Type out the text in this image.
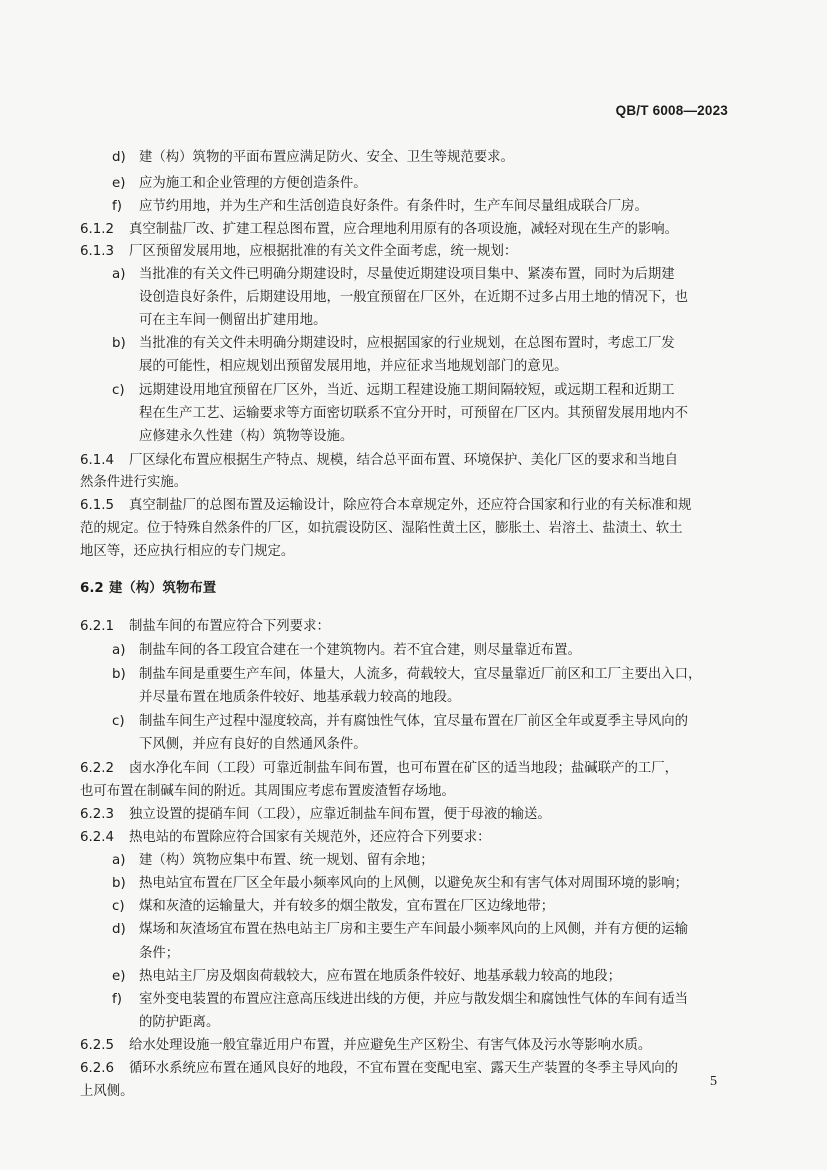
QB/T 6008—2023
d) 建（构）筑物的平面布置应满足防火、安全、卫生等规范要求。
e) 应为施工和企业管理的方便创造条件。
f) 应节约用地，并为生产和生活创造良好条件。有条件时，生产车间尽量组成联合厂房。
6.1.2 真空制盐厂改、扩建工程总图布置，应合理地利用原有的各项设施，减轻对现在生产的影响。
6.1.3 厂区预留发展用地，应根据批准的有关文件全面考虑，统一规划：
a) 当批准的有关文件已明确分期建设时，尽量使近期建设项目集中、紧凑布置，同时为后期建
设创造良好条件，后期建设用地，一般宜预留在厂区外，在近期不过多占用土地的情况下，也
可在主车间一侧留出扩建用地。
b) 当批准的有关文件未明确分期建设时，应根据国家的行业规划，在总图布置时，考虑工厂发
展的可能性，相应规划出预留发展用地，并应征求当地规划部门的意见。
c) 远期建设用地宜预留在厂区外，当近、远期工程建设施工期间隔较短，或远期工程和近期工
程在生产工艺、运输要求等方面密切联系不宜分开时，可预留在厂区内。其预留发展用地内不
应修建永久性建（构）筑物等设施。
6.1.4 厂区绿化布置应根据生产特点、规模，结合总平面布置、环境保护、美化厂区的要求和当地自
然条件进行实施。
6.1.5 真空制盐厂的总图布置及运输设计，除应符合本章规定外，还应符合国家和行业的有关标准和规
范的规定。位于特殊自然条件的厂区，如抗震设防区、湿陷性黄土区，膨胀土、岩溶土、盐渍土、软土
地区等，还应执行相应的专门规定。
6.2 建（构）筑物布置
6.2.1 制盐车间的布置应符合下列要求：
a) 制盐车间的各工段宜合建在一个建筑物内。若不宜合建，则尽量靠近布置。
b) 制盐车间是重要生产车间，体量大，人流多，荷载较大，宜尽量靠近厂前区和工厂主要出入口，
并尽量布置在地质条件较好、地基承载力较高的地段。
c) 制盐车间生产过程中湿度较高，并有腐蚀性气体，宜尽量布置在厂前区全年或夏季主导风向的
下风侧，并应有良好的自然通风条件。
6.2.2 卤水净化车间（工段）可靠近制盐车间布置，也可布置在矿区的适当地段；盐碱联产的工厂，
也可布置在制碱车间的附近。其周围应考虑布置废渣暂存场地。
6.2.3 独立设置的提硝车间（工段），应靠近制盐车间布置，便于母液的输送。
6.2.4 热电站的布置除应符合国家有关规范外，还应符合下列要求：
a) 建（构）筑物应集中布置、统一规划、留有余地；
b) 热电站宜布置在厂区全年最小频率风向的上风侧，以避免灰尘和有害气体对周围环境的影响；
c) 煤和灰渣的运输量大，并有较多的烟尘散发，宜布置在厂区边缘地带；
d) 煤场和灰渣场宜布置在热电站主厂房和主要生产车间最小频率风向的上风侧，并有方便的运输
条件；
e) 热电站主厂房及烟囱荷载较大，应布置在地质条件较好、地基承载力较高的地段；
f) 室外变电装置的布置应注意高压线进出线的方便，并应与散发烟尘和腐蚀性气体的车间有适当
的防护距离。
6.2.5 给水处理设施一般宜靠近用户布置，并应避免生产区粉尘、有害气体及污水等影响水质。
6.2.6 循环水系统应布置在通风良好的地段，不宜布置在变配电室、露天生产装置的冬季主导风向的
上风侧。
5
